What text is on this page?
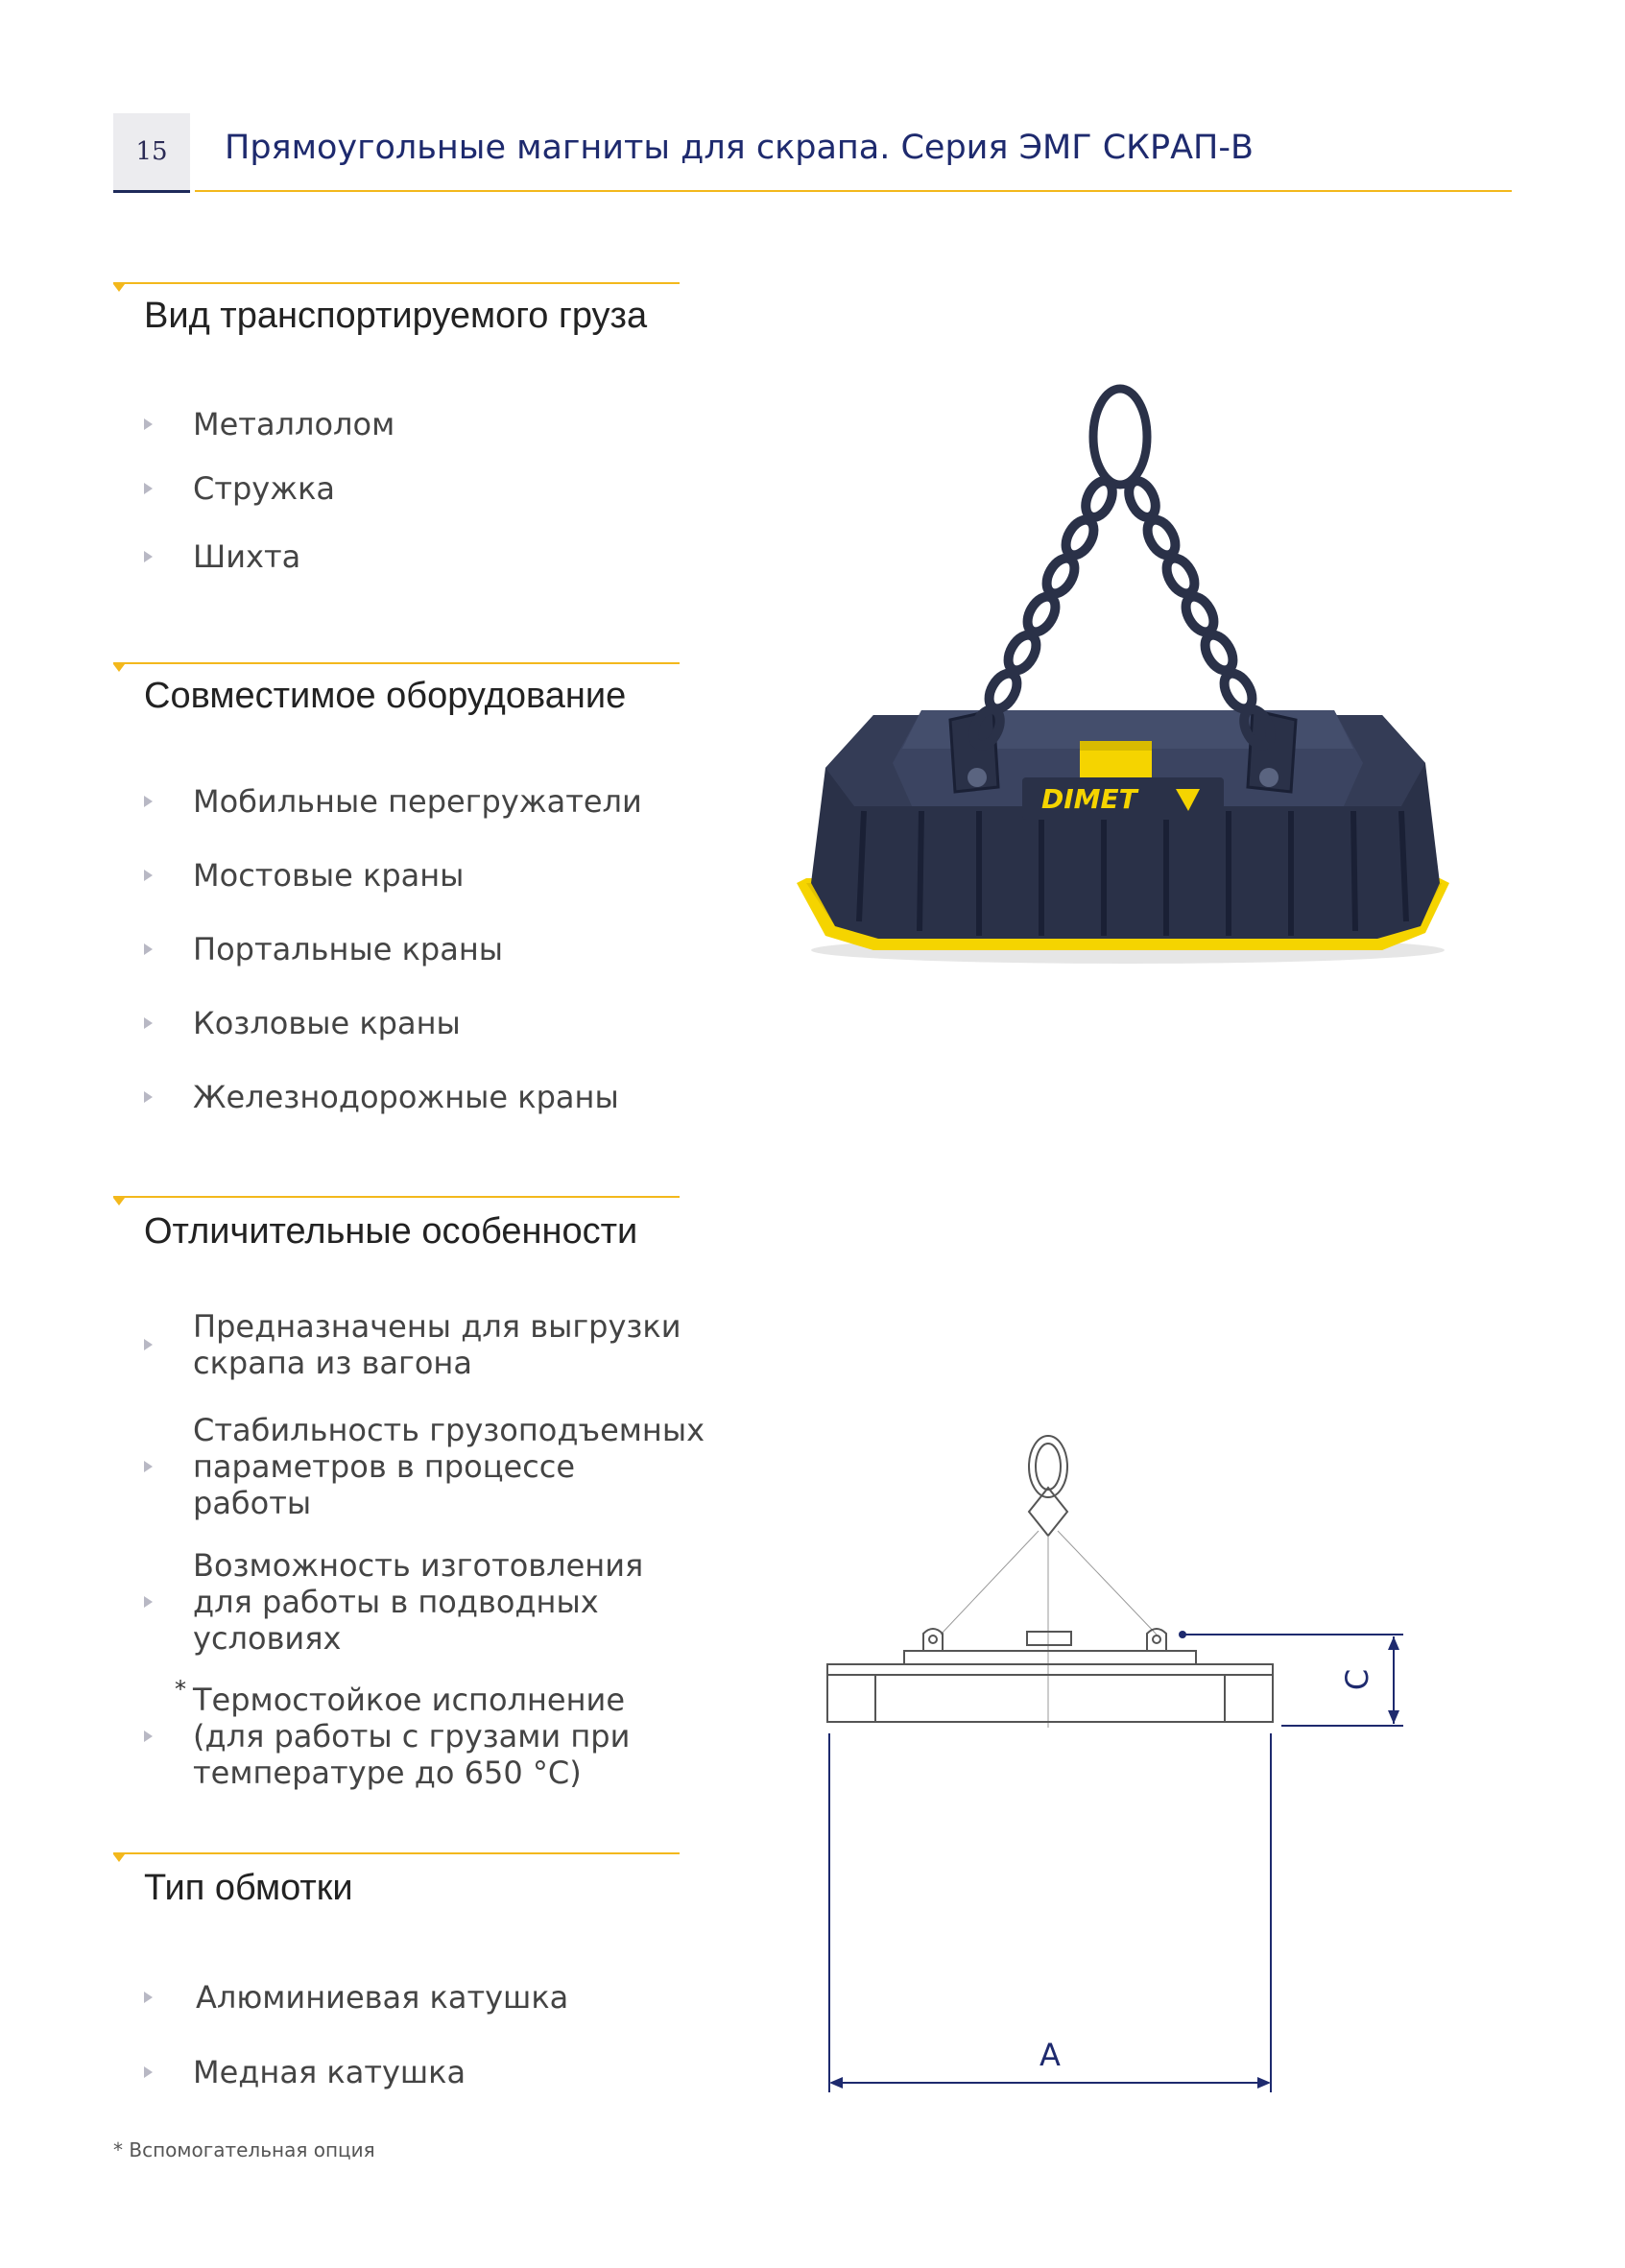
15	Прямоугольные магниты для скрапа. Серия ЭМГ СКРАП-В
Вид транспортируемого груза
Металлолом
Стружка
Шихта
Совместимое оборудование
Мобильные перегружатели
Мостовые краны
Портальные краны
Козловые краны
Железнодорожные краны
Отличительные особенности
Предназначены для выгрузки
скрапа из вагона
Стабильность грузоподъемных
параметров в процессе
работы
Возможность изготовления
для работы в подводных
условиях
* Термостойкое исполнение
(для работы с грузами при
температуре до 650 °C)
Тип обмотки
Алюминиевая катушка
Медная катушка
DIMET
A
C
* Вспомогательная опция
